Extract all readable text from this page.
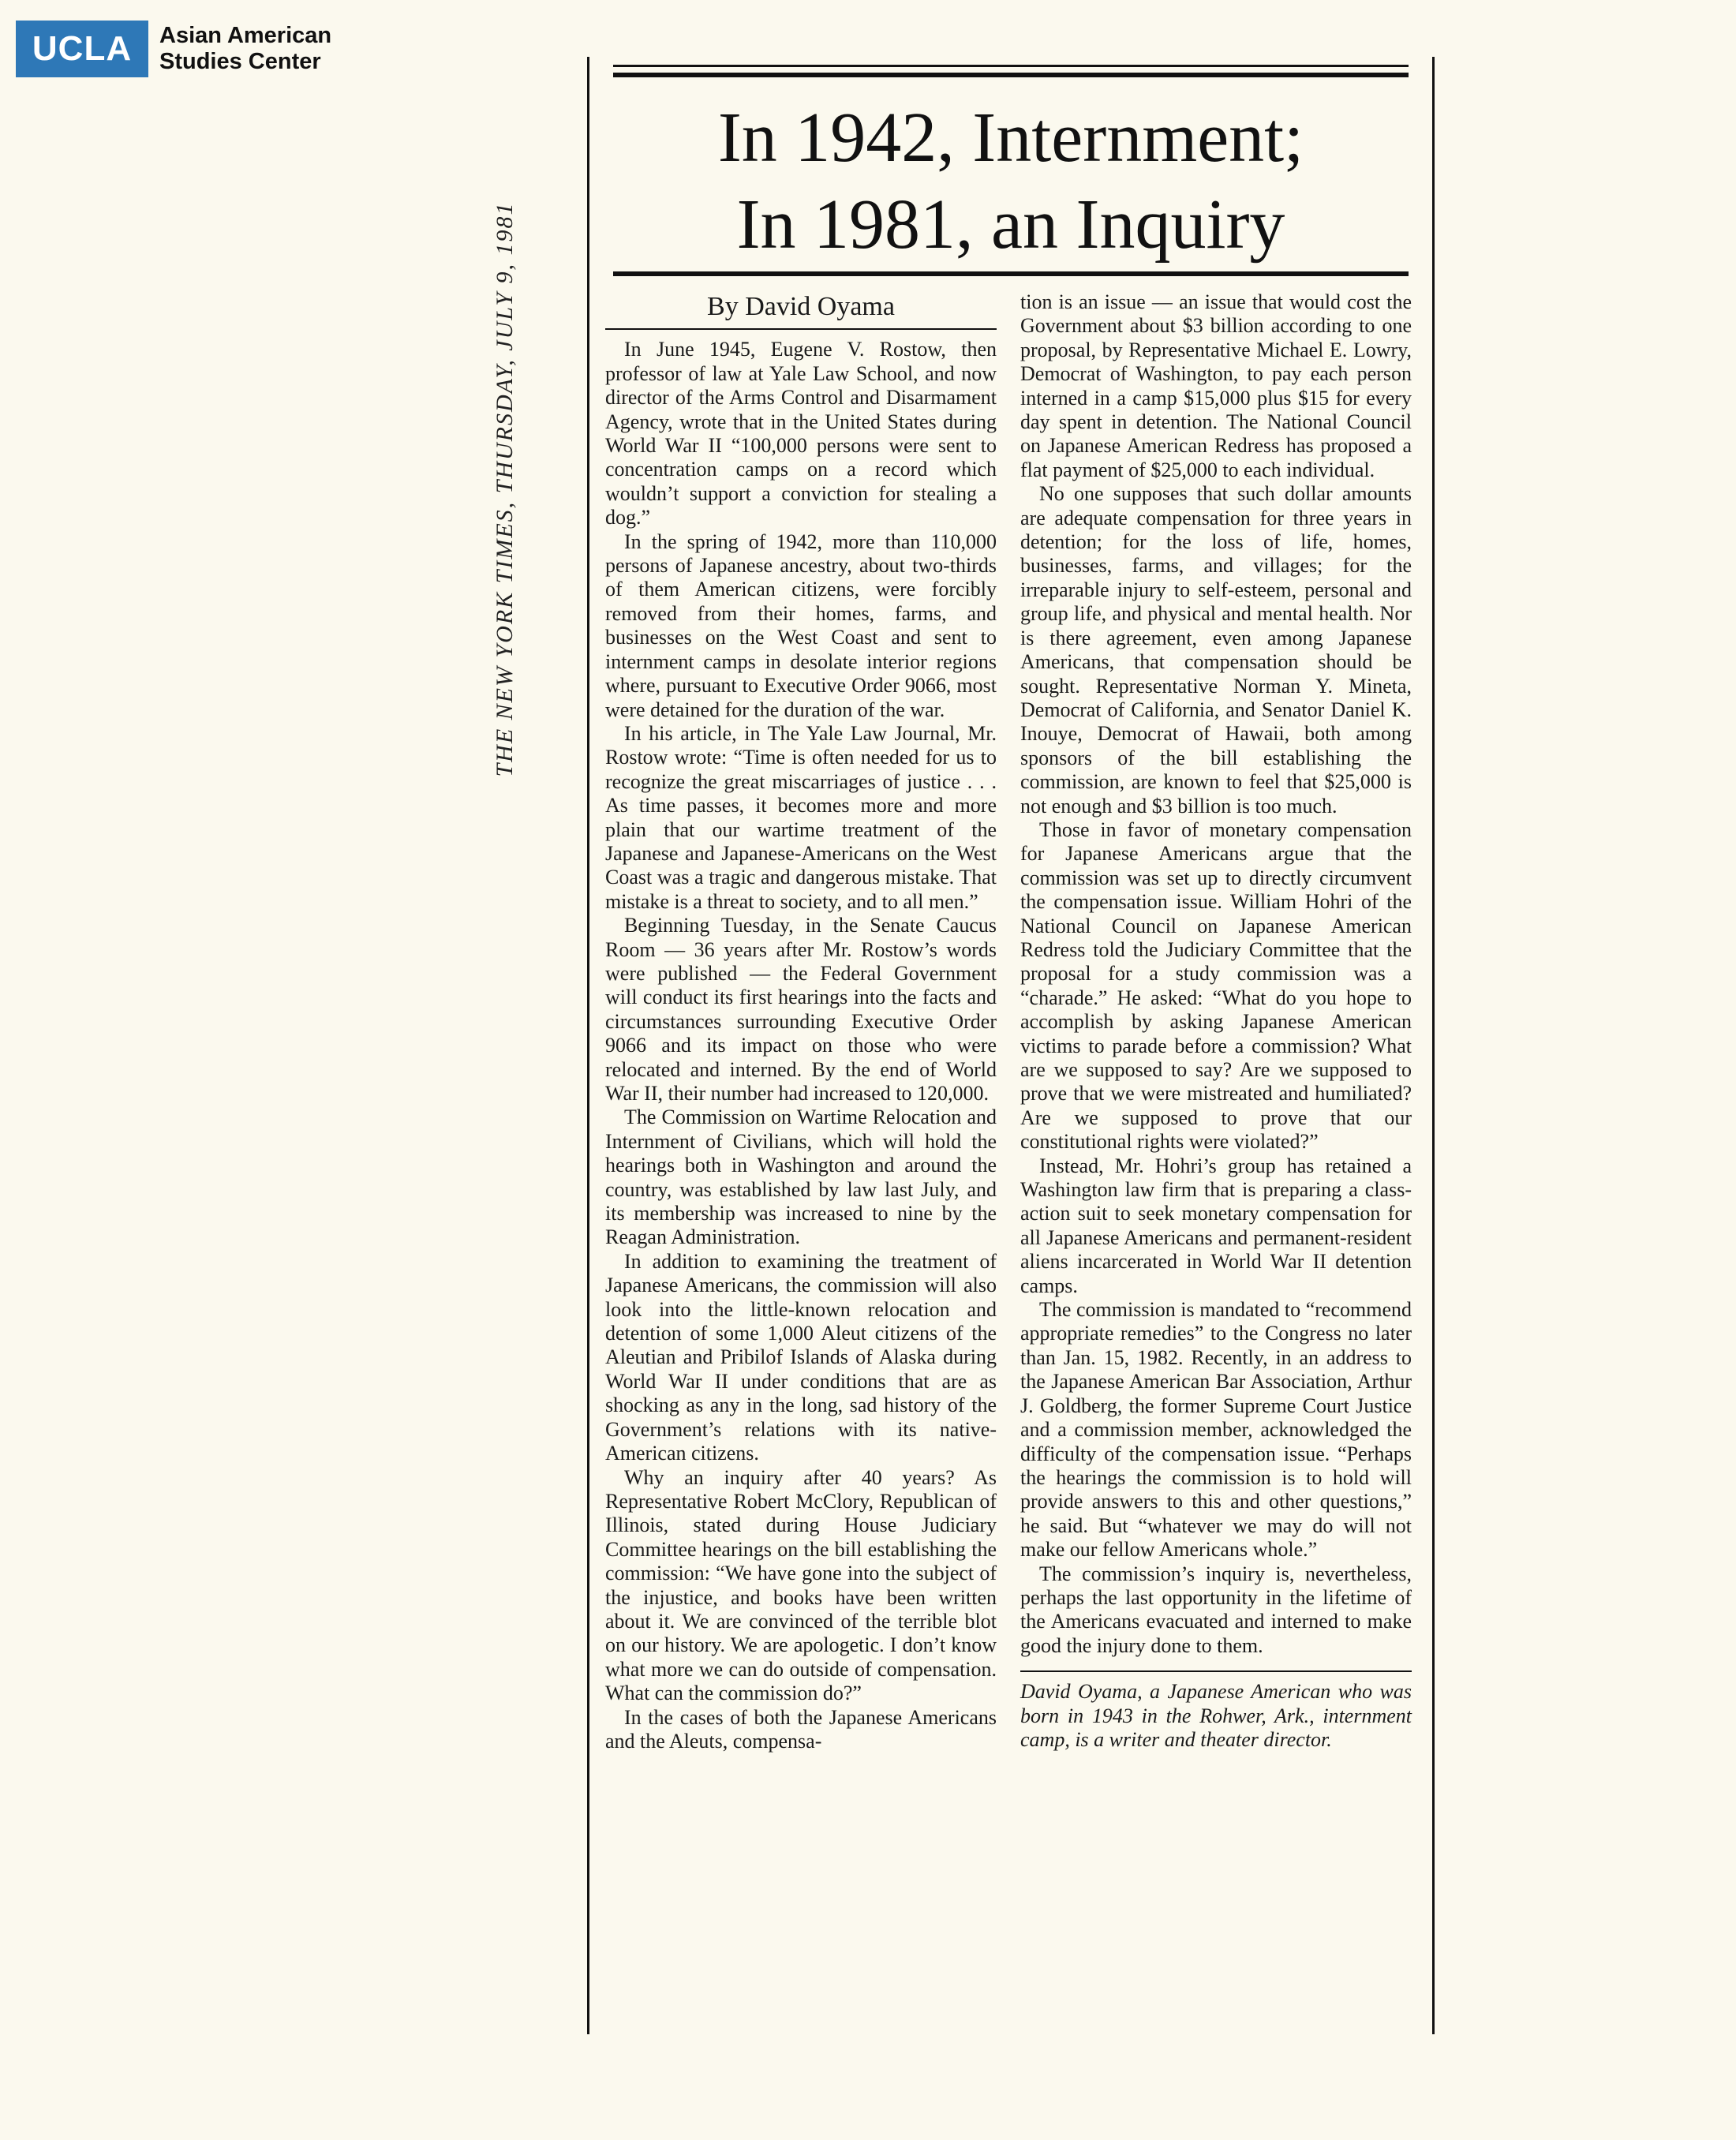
UCLA	Asian American
Studies Center
THE NEW YORK TIMES, THURSDAY, JULY 9, 1981
In 1942, Internment;
In 1981, an Inquiry
By David Oyama

In June 1945, Eugene V. Rostow, then professor of law at Yale Law School, and now director of the Arms Control and Disarmament Agency, wrote that in the United States during World War II “100,000 persons were sent to concentration camps on a record which wouldn’t support a conviction for stealing a dog.”

In the spring of 1942, more than 110,000 persons of Japanese ancestry, about two-thirds of them American citizens, were forcibly removed from their homes, farms, and businesses on the West Coast and sent to internment camps in desolate interior regions where, pursuant to Executive Order 9066, most were detained for the duration of the war.

In his article, in The Yale Law Journal, Mr. Rostow wrote: “Time is often needed for us to recognize the great miscarriages of justice . . . As time passes, it becomes more and more plain that our wartime treatment of the Japanese and Japanese-Americans on the West Coast was a tragic and dangerous mistake. That mistake is a threat to society, and to all men.”

Beginning Tuesday, in the Senate Caucus Room — 36 years after Mr. Rostow’s words were published — the Federal Government will conduct its first hearings into the facts and circumstances surrounding Executive Order 9066 and its impact on those who were relocated and interned. By the end of World War II, their number had increased to 120,000.

The Commission on Wartime Relocation and Internment of Civilians, which will hold the hearings both in Washington and around the country, was established by law last July, and its membership was increased to nine by the Reagan Administration.

In addition to examining the treatment of Japanese Americans, the commission will also look into the little-known relocation and detention of some 1,000 Aleut citizens of the Aleutian and Pribilof Islands of Alaska during World War II under conditions that are as shocking as any in the long, sad history of the Government’s relations with its native-American citizens.

Why an inquiry after 40 years? As Representative Robert McClory, Republican of Illinois, stated during House Judiciary Committee hearings on the bill establishing the commission: “We have gone into the subject of the injustice, and books have been written about it. We are convinced of the terrible blot on our history. We are apologetic. I don’t know what more we can do outside of compensation. What can the commission do?”

In the cases of both the Japanese Americans and the Aleuts, compensa-

tion is an issue — an issue that would cost the Government about $3 billion according to one proposal, by Representative Michael E. Lowry, Democrat of Washington, to pay each person interned in a camp $15,000 plus $15 for every day spent in detention. The National Council on Japanese American Redress has proposed a flat payment of $25,000 to each individual.

No one supposes that such dollar amounts are adequate compensation for three years in detention; for the loss of life, homes, businesses, farms, and villages; for the irreparable injury to self-esteem, personal and group life, and physical and mental health. Nor is there agreement, even among Japanese Americans, that compensation should be sought. Representative Norman Y. Mineta, Democrat of California, and Senator Daniel K. Inouye, Democrat of Hawaii, both among sponsors of the bill establishing the commission, are known to feel that $25,000 is not enough and $3 billion is too much.

Those in favor of monetary compensation for Japanese Americans argue that the commission was set up to directly circumvent the compensation issue. William Hohri of the National Council on Japanese American Redress told the Judiciary Committee that the proposal for a study commission was a “charade.” He asked: “What do you hope to accomplish by asking Japanese American victims to parade before a commission? What are we supposed to say? Are we supposed to prove that we were mistreated and humiliated? Are we supposed to prove that our constitutional rights were violated?”

Instead, Mr. Hohri’s group has retained a Washington law firm that is preparing a class-action suit to seek monetary compensation for all Japanese Americans and permanent-resident aliens incarcerated in World War II detention camps.

The commission is mandated to “recommend appropriate remedies” to the Congress no later than Jan. 15, 1982. Recently, in an address to the Japanese American Bar Association, Arthur J. Goldberg, the former Supreme Court Justice and a commission member, acknowledged the difficulty of the compensation issue. “Perhaps the hearings the commission is to hold will provide answers to this and other questions,” he said. But “whatever we may do will not make our fellow Americans whole.”

The commission’s inquiry is, nevertheless, perhaps the last opportunity in the lifetime of the Americans evacuated and interned to make good the injury done to them.

David Oyama, a Japanese American who was born in 1943 in the Rohwer, Ark., internment camp, is a writer and theater director.
